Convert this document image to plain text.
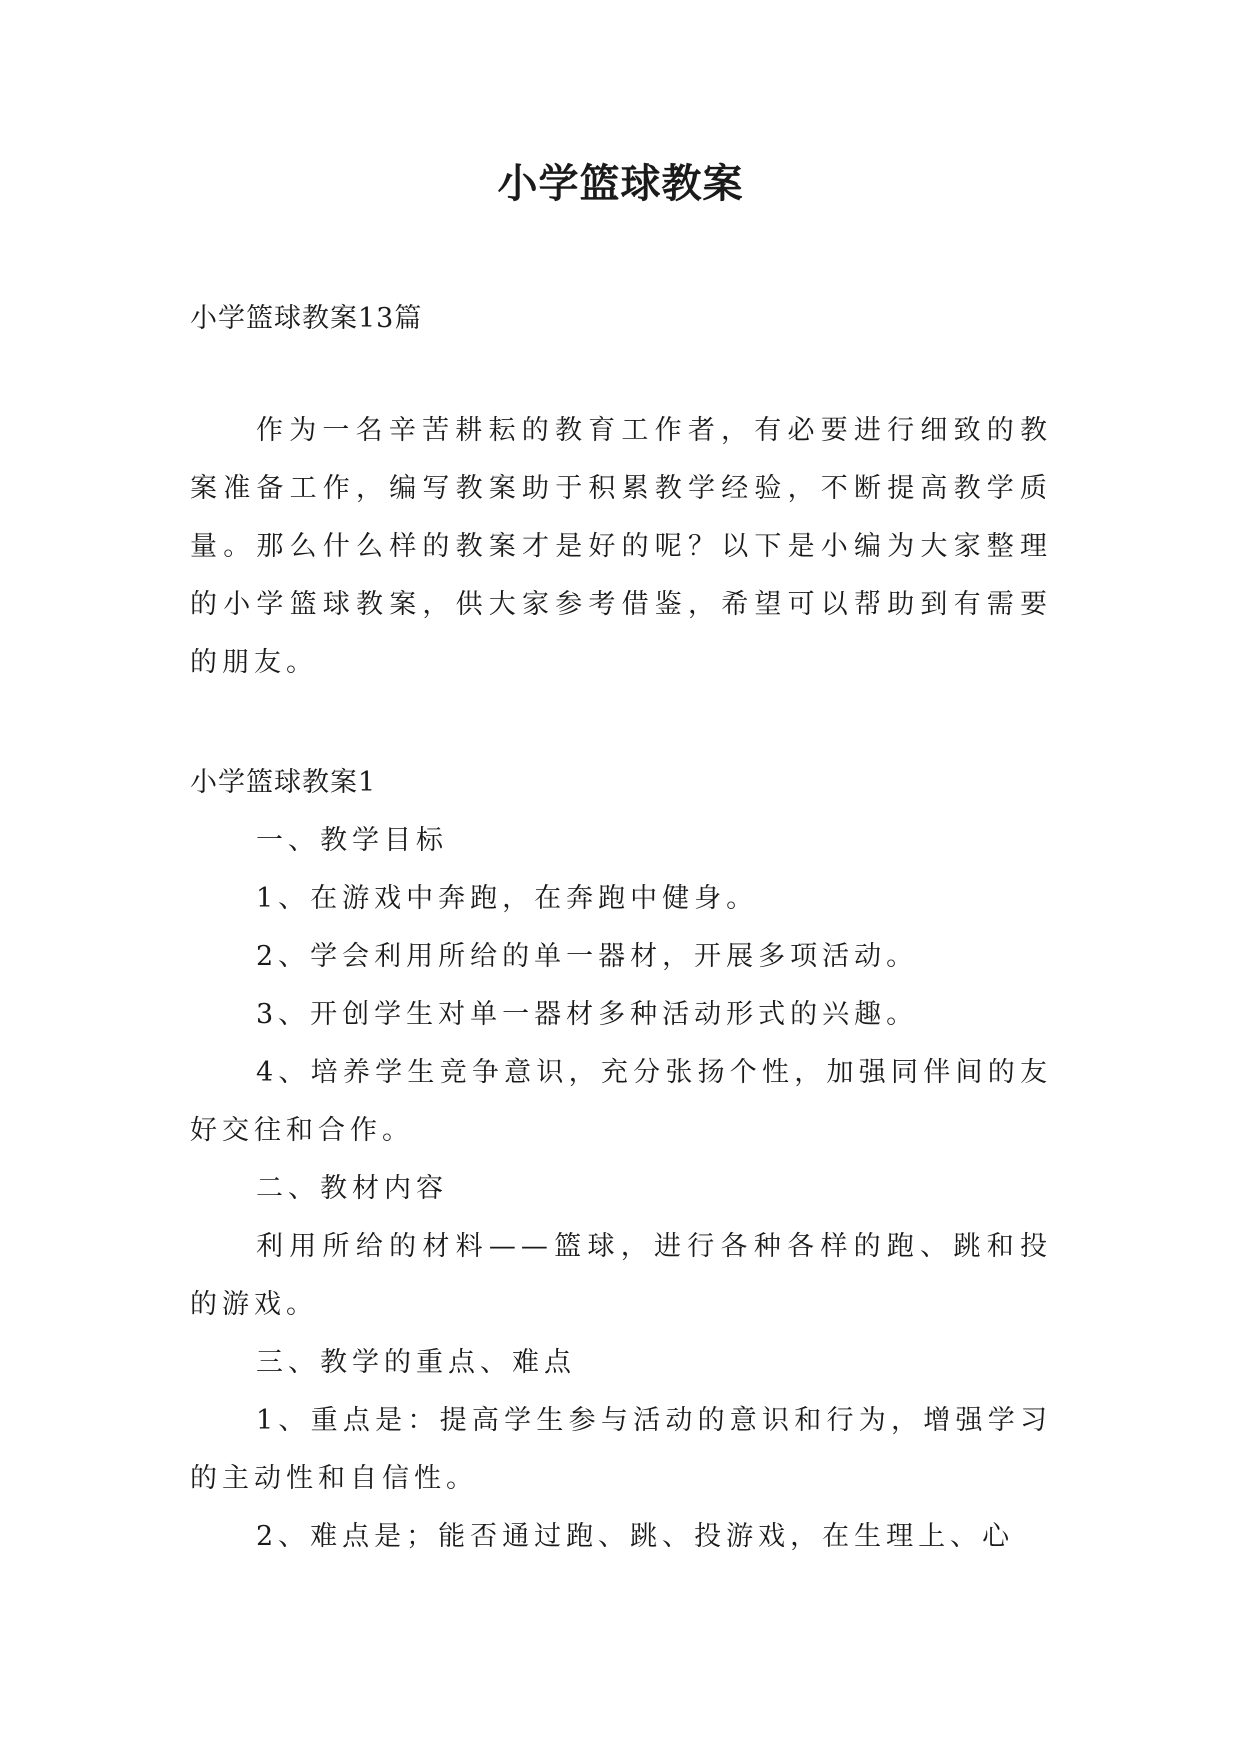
小学篮球教案

小学篮球教案13篇

作为一名辛苦耕耘的教育工作者，有必要进行细致的教案准备工作，编写教案助于积累教学经验，不断提高教学质量。那么什么样的教案才是好的呢？以下是小编为大家整理的小学篮球教案，供大家参考借鉴，希望可以帮助到有需要的朋友。

小学篮球教案1

一、教学目标

1、在游戏中奔跑，在奔跑中健身。

2、学会利用所给的单一器材，开展多项活动。

3、开创学生对单一器材多种活动形式的兴趣。

4、培养学生竞争意识，充分张扬个性，加强同伴间的友好交往和合作。

二、教材内容

利用所给的材料——篮球，进行各种各样的跑、跳和投的游戏。

三、教学的重点、难点

1、重点是：提高学生参与活动的意识和行为，增强学习的主动性和自信性。

2、难点是；能否通过跑、跳、投游戏，在生理上、心
